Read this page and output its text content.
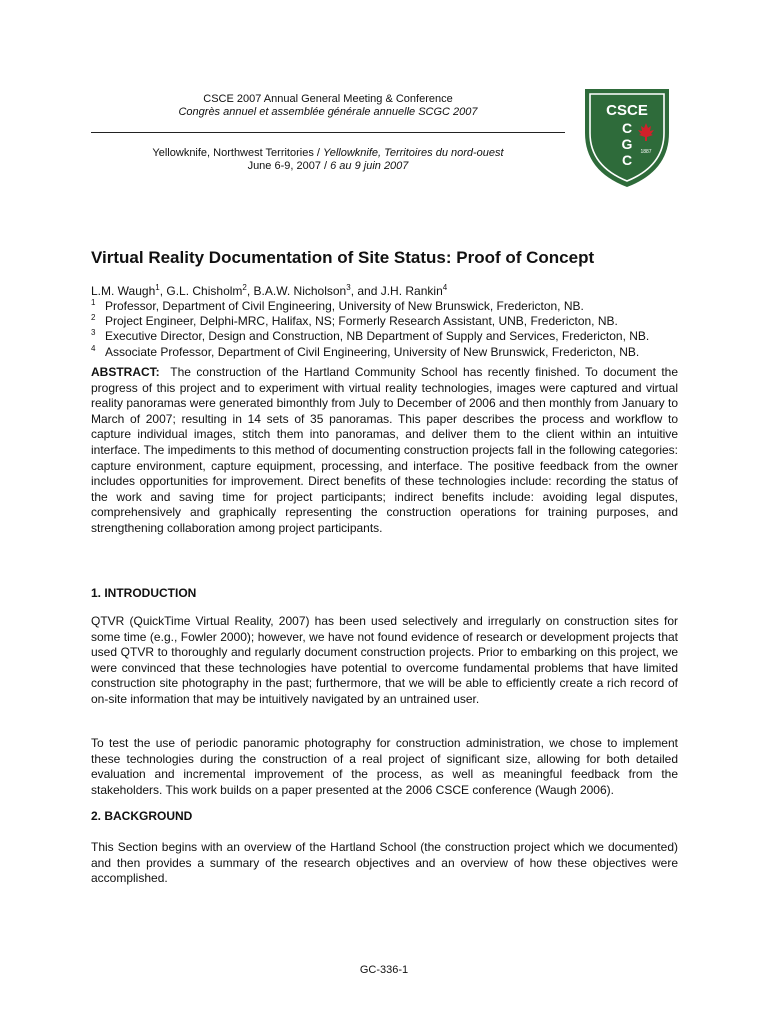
CSCE 2007 Annual General Meeting & Conference
Congrès annuel et assemblée générale annuelle SCGC 2007
Yellowknife, Northwest Territories / Yellowknife, Territoires du nord-ouest
June 6-9, 2007 / 6 au 9 juin 2007
CSCE
C
G
C 1887
Virtual Reality Documentation of Site Status: Proof of Concept
L.M. Waugh$^1$, G.L. Chisholm$^2$, B.A.W. Nicholson$^3$, and J.H. Rankin$^4$
$^1$ Professor, Department of Civil Engineering, University of New Brunswick, Fredericton, NB.
$^2$ Project Engineer, Delphi-MRC, Halifax, NS; Formerly Research Assistant, UNB, Fredericton, NB.
$^3$ Executive Director, Design and Construction, NB Department of Supply and Services, Fredericton, NB.
$^4$ Associate Professor, Department of Civil Engineering, University of New Brunswick, Fredericton, NB.

ABSTRACT: The construction of the Hartland Community School has recently finished. To document the progress of this project and to experiment with virtual reality technologies, images were captured and virtual reality panoramas were generated bimonthly from July to December of 2006 and then monthly from January to March of 2007; resulting in 14 sets of 35 panoramas. This paper describes the process and workflow to capture individual images, stitch them into panoramas, and deliver them to the client within an intuitive interface. The impediments to this method of documenting construction projects fall in the following categories: capture environment, capture equipment, processing, and interface. The positive feedback from the owner includes opportunities for improvement. Direct benefits of these technologies include: recording the status of the work and saving time for project participants; indirect benefits include: avoiding legal disputes, comprehensively and graphically representing the construction operations for training purposes, and strengthening collaboration among project participants.

1. INTRODUCTION

QTVR (QuickTime Virtual Reality, 2007) has been used selectively and irregularly on construction sites for some time (e.g., Fowler 2000); however, we have not found evidence of research or development projects that used QTVR to thoroughly and regularly document construction projects. Prior to embarking on this project, we were convinced that these technologies have potential to overcome fundamental problems that have limited construction site photography in the past; furthermore, that we will be able to efficiently create a rich record of on-site information that may be intuitively navigated by an untrained user.

To test the use of periodic panoramic photography for construction administration, we chose to implement these technologies during the construction of a real project of significant size, allowing for both detailed evaluation and incremental improvement of the process, as well as meaningful feedback from the stakeholders. This work builds on a paper presented at the 2006 CSCE conference (Waugh 2006).

2. BACKGROUND

This Section begins with an overview of the Hartland School (the construction project which we documented) and then provides a summary of the research objectives and an overview of how these objectives were accomplished.

GC-336-1
